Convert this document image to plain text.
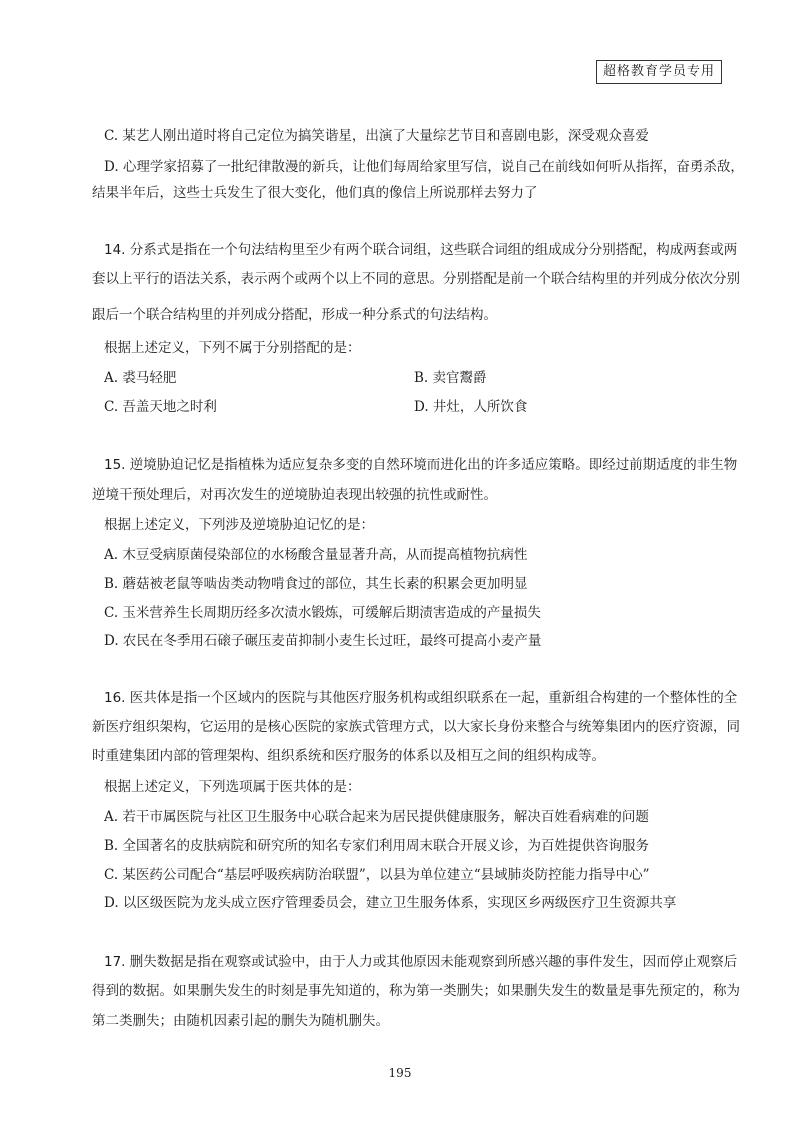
超格教育学员专用
C. 某艺人刚出道时将自己定位为搞笑谐星，出演了大量综艺节目和喜剧电影，深受观众喜爱
D. 心理学家招募了一批纪律散漫的新兵，让他们每周给家里写信，说自己在前线如何听从指挥，奋勇杀敌，
结果半年后，这些士兵发生了很大变化，他们真的像信上所说那样去努力了
14. 分系式是指在一个句法结构里至少有两个联合词组，这些联合词组的组成成分分别搭配，构成两套或两
套以上平行的语法关系，表示两个或两个以上不同的意思。分别搭配是前一个联合结构里的并列成分依次分别
跟后一个联合结构里的并列成分搭配，形成一种分系式的句法结构。
根据上述定义，下列不属于分别搭配的是：
A. 裘马轻肥	B. 卖官鬻爵
C. 吾盖天地之时利	D. 井灶，人所饮食
15. 逆境胁迫记忆是指植株为适应复杂多变的自然环境而进化出的许多适应策略。即经过前期适度的非生物
逆境干预处理后，对再次发生的逆境胁迫表现出较强的抗性或耐性。
根据上述定义，下列涉及逆境胁迫记忆的是：
A. 木豆受病原菌侵染部位的水杨酸含量显著升高，从而提高植物抗病性
B. 蘑菇被老鼠等啮齿类动物啃食过的部位，其生长素的积累会更加明显
C. 玉米营养生长周期历经多次渍水锻炼，可缓解后期渍害造成的产量损失
D. 农民在冬季用石磙子碾压麦苗抑制小麦生长过旺，最终可提高小麦产量
16. 医共体是指一个区域内的医院与其他医疗服务机构或组织联系在一起，重新组合构建的一个整体性的全
新医疗组织架构，它运用的是核心医院的家族式管理方式，以大家长身份来整合与统筹集团内的医疗资源，同
时重建集团内部的管理架构、组织系统和医疗服务的体系以及相互之间的组织构成等。
根据上述定义，下列选项属于医共体的是：
A. 若干市属医院与社区卫生服务中心联合起来为居民提供健康服务，解决百姓看病难的问题
B. 全国著名的皮肤病院和研究所的知名专家们利用周末联合开展义诊，为百姓提供咨询服务
C. 某医药公司配合“基层呼吸疾病防治联盟”，以县为单位建立“县域肺炎防控能力指导中心”
D. 以区级医院为龙头成立医疗管理委员会，建立卫生服务体系，实现区乡两级医疗卫生资源共享
17. 删失数据是指在观察或试验中，由于人力或其他原因未能观察到所感兴趣的事件发生，因而停止观察后
得到的数据。如果删失发生的时刻是事先知道的，称为第一类删失；如果删失发生的数量是事先预定的，称为
第二类删失；由随机因素引起的删失为随机删失。
195
